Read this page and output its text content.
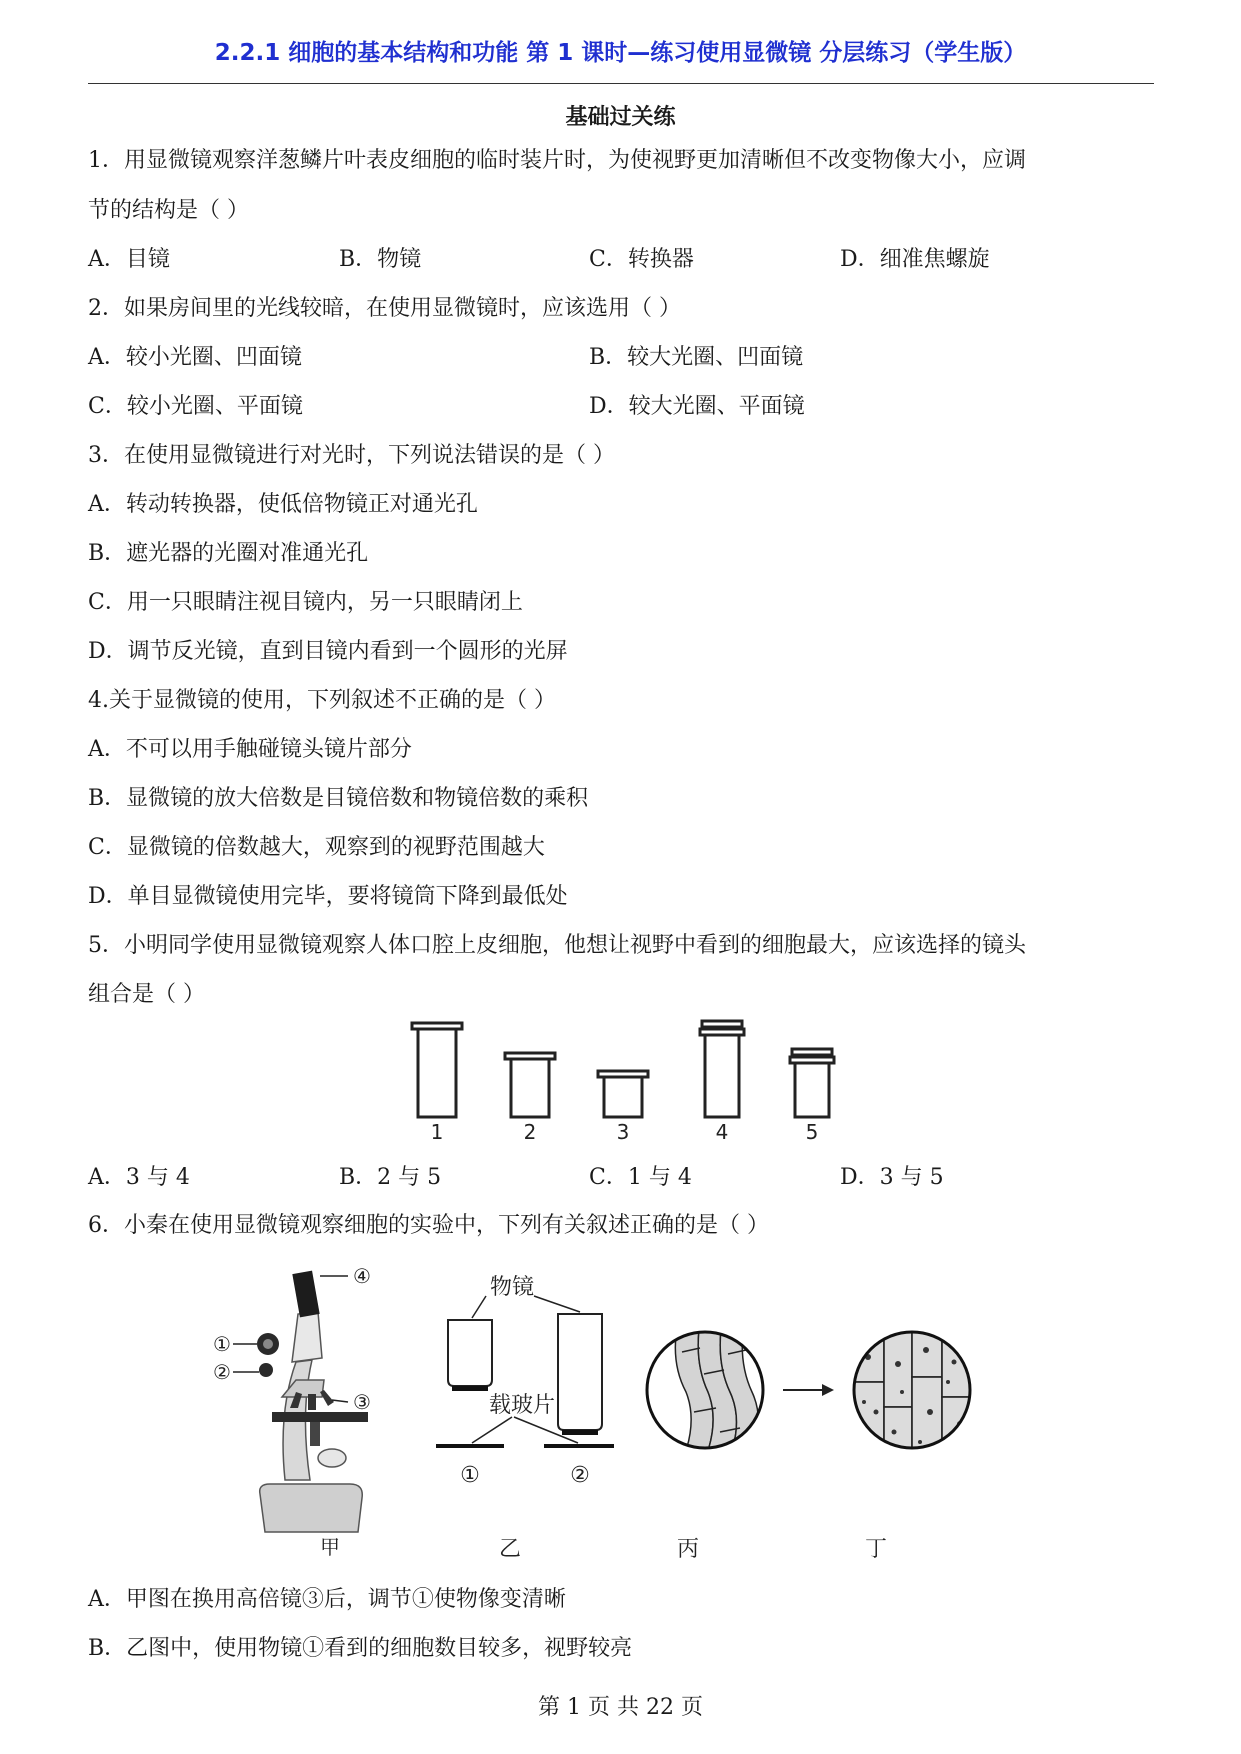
2.2.1 细胞的基本结构和功能 第 1 课时—练习使用显微镜 分层练习（学生版）
基础过关练
1．用显微镜观察洋葱鳞片叶表皮细胞的临时装片时，为使视野更加清晰但不改变物像大小，应调
节的结构是（ ）
A．目镜	B．物镜	C．转换器	D．细准焦螺旋
2．如果房间里的光线较暗，在使用显微镜时，应该选用（ ）
A．较小光圈、凹面镜	B．较大光圈、凹面镜
C．较小光圈、平面镜	D．较大光圈、平面镜
3．在使用显微镜进行对光时，下列说法错误的是（ ）
A．转动转换器，使低倍物镜正对通光孔
B．遮光器的光圈对准通光孔
C．用一只眼睛注视目镜内，另一只眼睛闭上
D．调节反光镜，直到目镜内看到一个圆形的光屏
4.关于显微镜的使用，下列叙述不正确的是（ ）
A．不可以用手触碰镜头镜片部分
B．显微镜的放大倍数是目镜倍数和物镜倍数的乘积
C．显微镜的倍数越大，观察到的视野范围越大
D．单目显微镜使用完毕，要将镜筒下降到最低处
5．小明同学使用显微镜观察人体口腔上皮细胞，他想让视野中看到的细胞最大，应该选择的镜头
组合是（ ）
1	2	3	4	5
A．3 与 4	B．2 与 5	C．1 与 4	D．3 与 5
6．小秦在使用显微镜观察细胞的实验中，下列有关叙述正确的是（ ）
④
①
②
③
甲
物镜
载玻片
①	②
乙	丙	丁
A．甲图在换用高倍镜③后，调节①使物像变清晰
B．乙图中，使用物镜①看到的细胞数目较多，视野较亮
第 1 页 共 22 页
